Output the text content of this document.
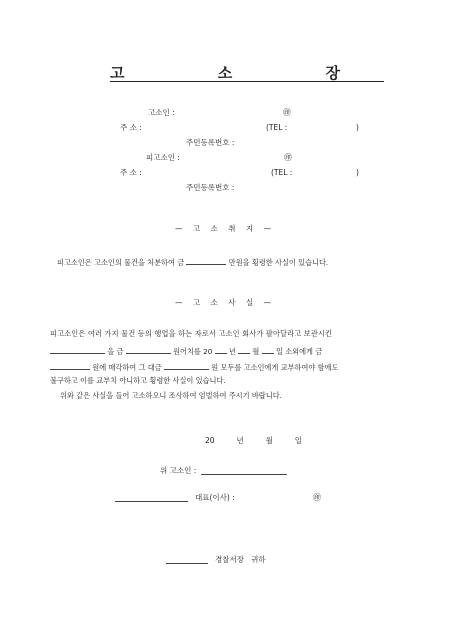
고 소 장
고소인 :	㊞
주 소 :	(TEL :	)
주민등록번호 :
피고소인 :	㊞
주 소 :	(TEL :	)
주민등록번호 :
— 고 소 취 지 —
피고소인은 고소인의 물건을 처분하여 금	만원을 횡령한 사실이 있습니다.
— 고 소 사 실 —
피고소인은 여러 가지 물건 등의 행업을 하는 자로서 고소인 회사가 팔아달라고 보관시킨
을 금	원어치를 20 년 월 일 소외에게 금
원에 매각하여 그 대금	원 모두를 고소인에게 교부하여야 함에도
불구하고 이를 교부치 아니하고 횡령한 사실이 있습니다.
위와 같은 사실을 들어 고소하오니 조사하여 엄벌하여 주시기 바랍니다.
20     년     월     일
위 고소인 :
대표(이사) :	㊞
경찰서장   귀하
